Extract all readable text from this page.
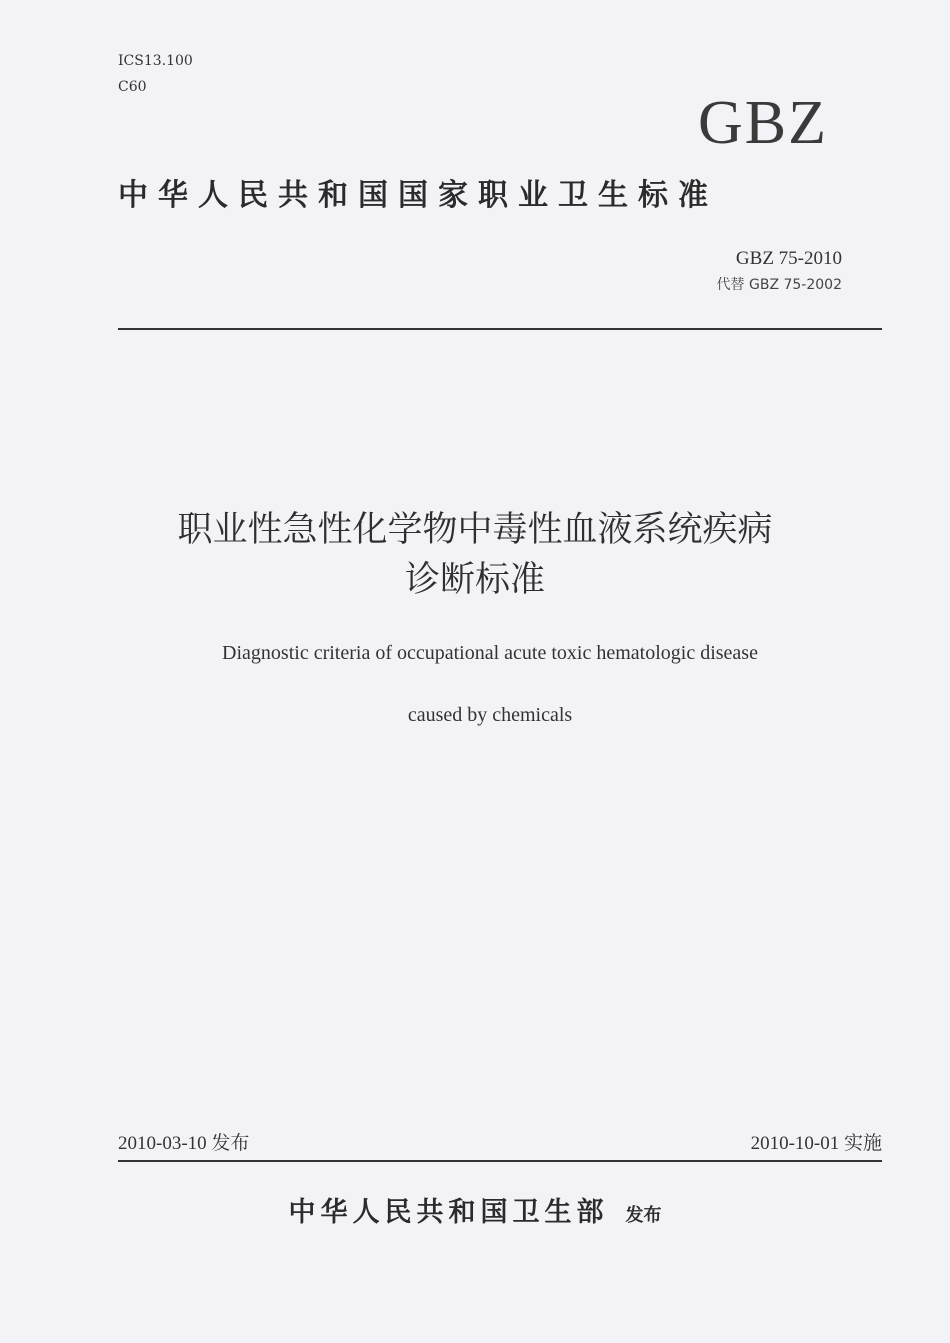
ICS13.100
C60
GBZ
中华人民共和国国家职业卫生标准
GBZ 75-2010
代替 GBZ 75-2002
职业性急性化学物中毒性血液系统疾病
诊断标准
Diagnostic criteria of occupational acute toxic hematologic disease
caused by chemicals
2010-03-10 发布	2010-10-01 实施
中华人民共和国卫生部 发布
